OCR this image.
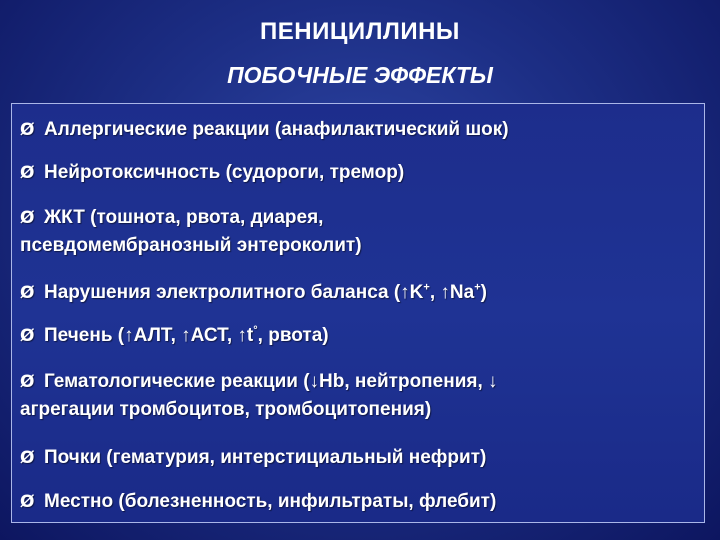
ПЕНИЦИЛЛИНЫ
ПОБОЧНЫЕ ЭФФЕКТЫ
Ø Аллергические реакции (анафилактический шок)
Ø Нейротоксичность (судороги, тремор)
Ø ЖКТ (тошнота, рвота, диарея,
псевдомембранозный энтероколит)
Ø Нарушения электролитного баланса (↑K+, ↑Na+)
Ø Печень (↑АЛТ, ↑АСТ, ↑t°, рвота)
Ø Гематологические реакции (↓Hb, нейтропения, ↓
агрегации тромбоцитов, тромбоцитопения)
Ø Почки (гематурия, интерстициальный нефрит)
Ø Местно (болезненность, инфильтраты, флебит)
